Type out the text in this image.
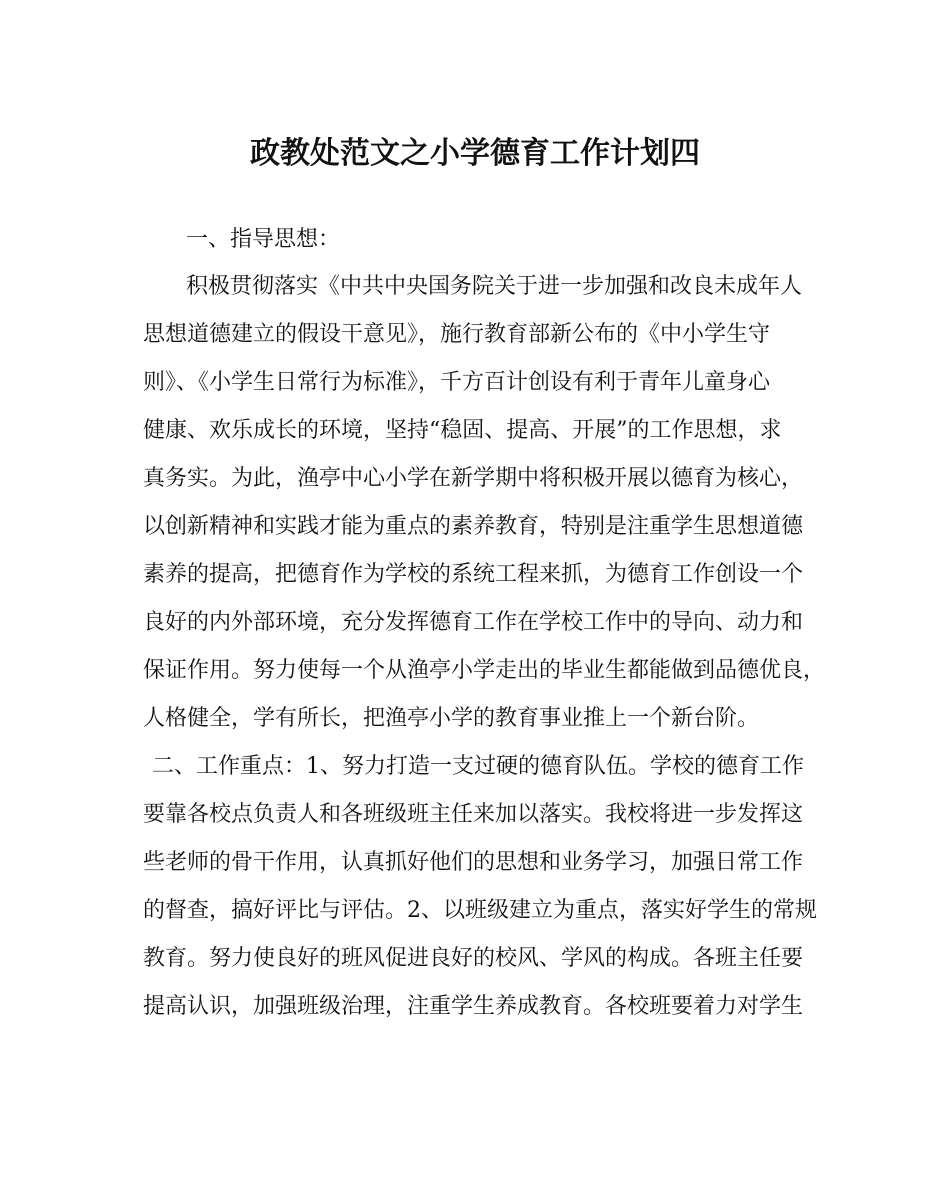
政教处范文之小学德育工作计划四

一、指导思想：

积极贯彻落实《中共中央国务院关于进一步加强和改良未成年人

思想道德建立的假设干意见》，施行教育部新公布的《中小学生守

则》、《小学生日常行为标准》，千方百计创设有利于青年儿童身心

健康、欢乐成长的环境，坚持“稳固、提高、开展”的工作思想，求

真务实。为此，渔亭中心小学在新学期中将积极开展以德育为核心，

以创新精神和实践才能为重点的素养教育，特别是注重学生思想道德

素养的提高，把德育作为学校的系统工程来抓，为德育工作创设一个

良好的内外部环境，充分发挥德育工作在学校工作中的导向、动力和

保证作用。努力使每一个从渔亭小学走出的毕业生都能做到品德优良，

人格健全，学有所长，把渔亭小学的教育事业推上一个新台阶。

二、工作重点：1、努力打造一支过硬的德育队伍。学校的德育工作

要靠各校点负责人和各班级班主任来加以落实。我校将进一步发挥这

些老师的骨干作用，认真抓好他们的思想和业务学习，加强日常工作

的督查，搞好评比与评估。2、以班级建立为重点，落实好学生的常规

教育。努力使良好的班风促进良好的校风、学风的构成。各班主任要

提高认识，加强班级治理，注重学生养成教育。各校班要着力对学生
